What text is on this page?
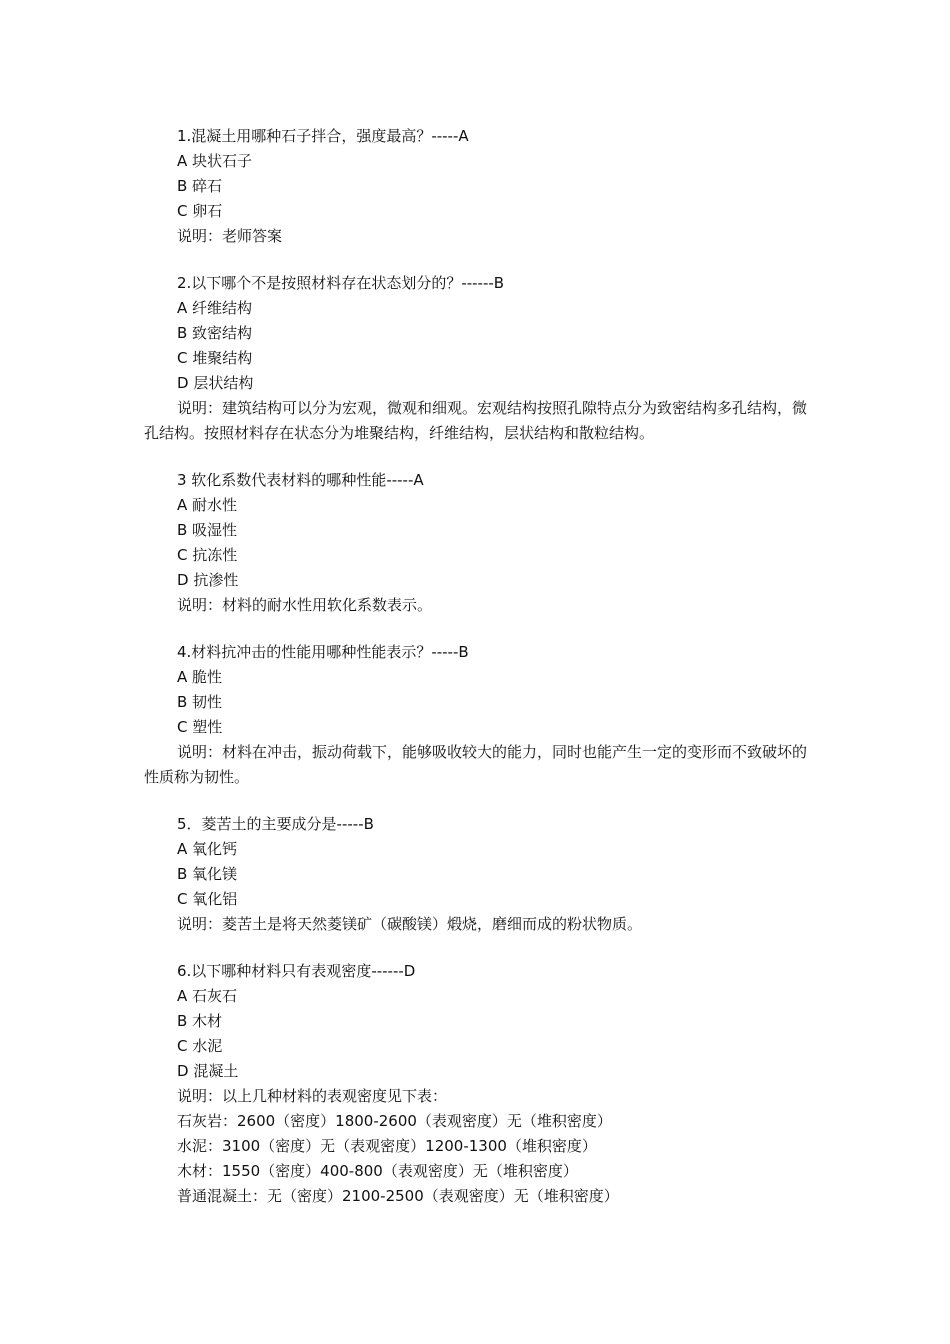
1.混凝土用哪种石子拌合，强度最高？-----A
A 块状石子
B 碎石
C 卵石
说明：老师答案
2.以下哪个不是按照材料存在状态划分的？------B
A 纤维结构
B 致密结构
C 堆聚结构
D 层状结构
说明：建筑结构可以分为宏观，微观和细观。宏观结构按照孔隙特点分为致密结构多孔结构，微孔结构。按照材料存在状态分为堆聚结构，纤维结构，层状结构和散粒结构。
3 软化系数代表材料的哪种性能-----A
A 耐水性
B 吸湿性
C 抗冻性
D 抗渗性
说明：材料的耐水性用软化系数表示。
4.材料抗冲击的性能用哪种性能表示？-----B
A 脆性
B 韧性
C 塑性
说明：材料在冲击，振动荷载下，能够吸收较大的能力，同时也能产生一定的变形而不致破坏的性质称为韧性。
5．菱苦土的主要成分是-----B
A 氧化钙
B 氧化镁
C 氧化铝
说明：菱苦土是将天然菱镁矿（碳酸镁）煅烧，磨细而成的粉状物质。
6.以下哪种材料只有表观密度------D
A 石灰石
B 木材
C 水泥
D 混凝土
说明：以上几种材料的表观密度见下表：
石灰岩：2600（密度）1800-2600（表观密度）无（堆积密度）
水泥：3100（密度）无（表观密度）1200-1300（堆积密度）
木材：1550（密度）400-800（表观密度）无（堆积密度）
普通混凝土：无（密度）2100-2500（表观密度）无（堆积密度）
